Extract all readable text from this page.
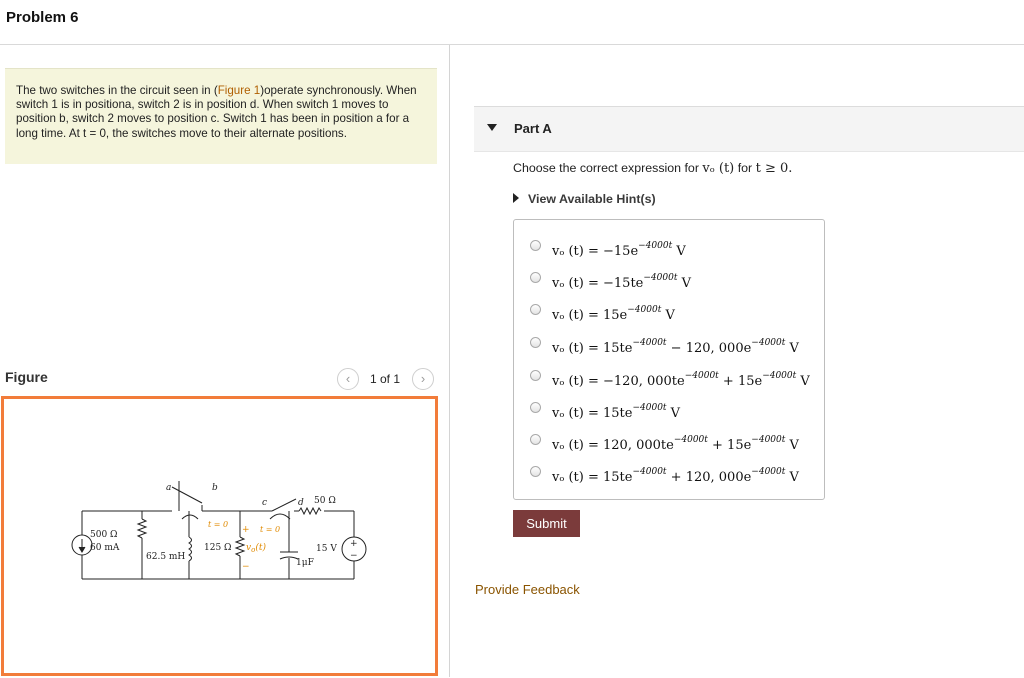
Problem 6
The two switches in the circuit seen in (Figure 1)operate synchronously. When switch 1 is in positiona, switch 2 is in position d. When switch 1 moves to position b, switch 2 moves to position c. Switch 1 has been in position a for a long time. At t = 0, the switches move to their alternate positions.
Figure	‹	1 of 1	›
500 Ω
60 mA
62.5 mH
125 Ω $v_o(t)$
+
−	1μF
15 V +
−
50 Ω
a	b
c	d
t = 0
t = 0
Part A
Choose the correct expression for vₒ (t) for t ≥ 0.
View Available Hint(s)
vₒ $(t) = -15e^{-4000t}$ V
vₒ $(t) = -15te^{-4000t}$ V
vₒ $(t) = 15e^{-4000t}$ V
vₒ $(t) = 15te^{-4000t} - 120$, $000e^{-4000t}$ V
vₒ (t) = −120, $000te^{-4000t} + 15e^{-4000t}$ V
vₒ $(t) = 15te^{-4000t}$ V
vₒ (t) = 120, $000te^{-4000t} + 15e^{-4000t}$ V
vₒ $(t) = 15te^{-4000t} + 120$, $000e^{-4000t}$ V
Submit
Provide Feedback
